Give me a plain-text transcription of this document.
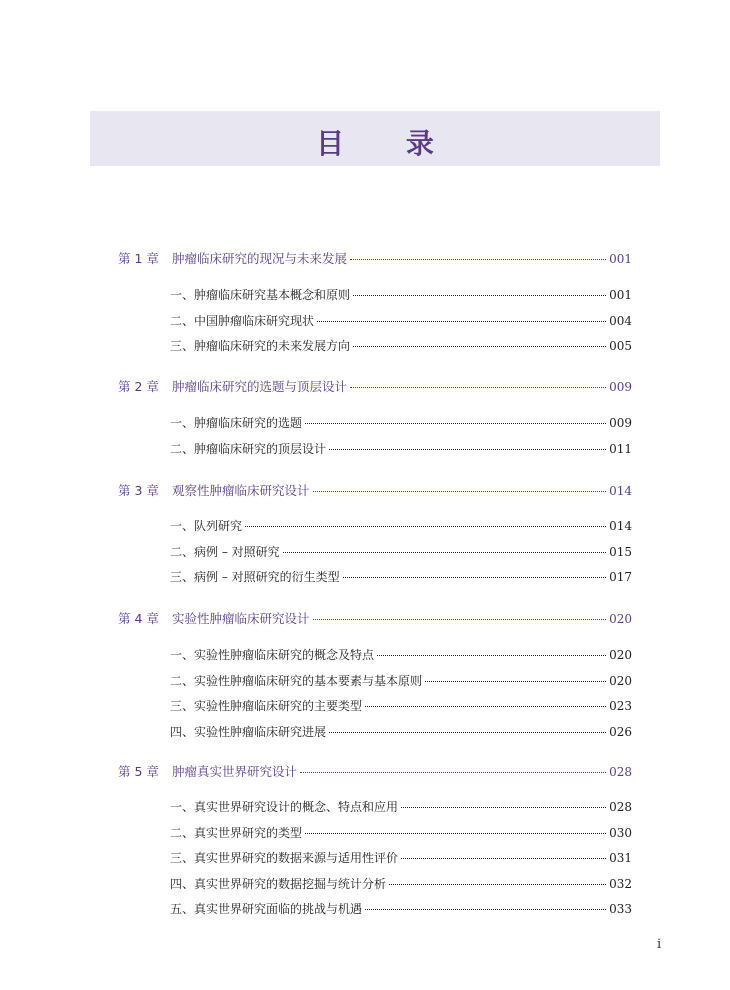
目 录
第 1 章 肿瘤临床研究的现况与未来发展	001
一、肿瘤临床研究基本概念和原则	001
二、中国肿瘤临床研究现状	004
三、肿瘤临床研究的未来发展方向	005
第 2 章 肿瘤临床研究的选题与顶层设计	009
一、肿瘤临床研究的选题	009
二、肿瘤临床研究的顶层设计	011
第 3 章 观察性肿瘤临床研究设计	014
一、队列研究	014
二、病例 – 对照研究	015
三、病例 – 对照研究的衍生类型	017
第 4 章 实验性肿瘤临床研究设计	020
一、实验性肿瘤临床研究的概念及特点	020
二、实验性肿瘤临床研究的基本要素与基本原则	020
三、实验性肿瘤临床研究的主要类型	023
四、实验性肿瘤临床研究进展	026
第 5 章 肿瘤真实世界研究设计	028
一、真实世界研究设计的概念、特点和应用	028
二、真实世界研究的类型	030
三、真实世界研究的数据来源与适用性评价	031
四、真实世界研究的数据挖掘与统计分析	032
五、真实世界研究面临的挑战与机遇	033
i
